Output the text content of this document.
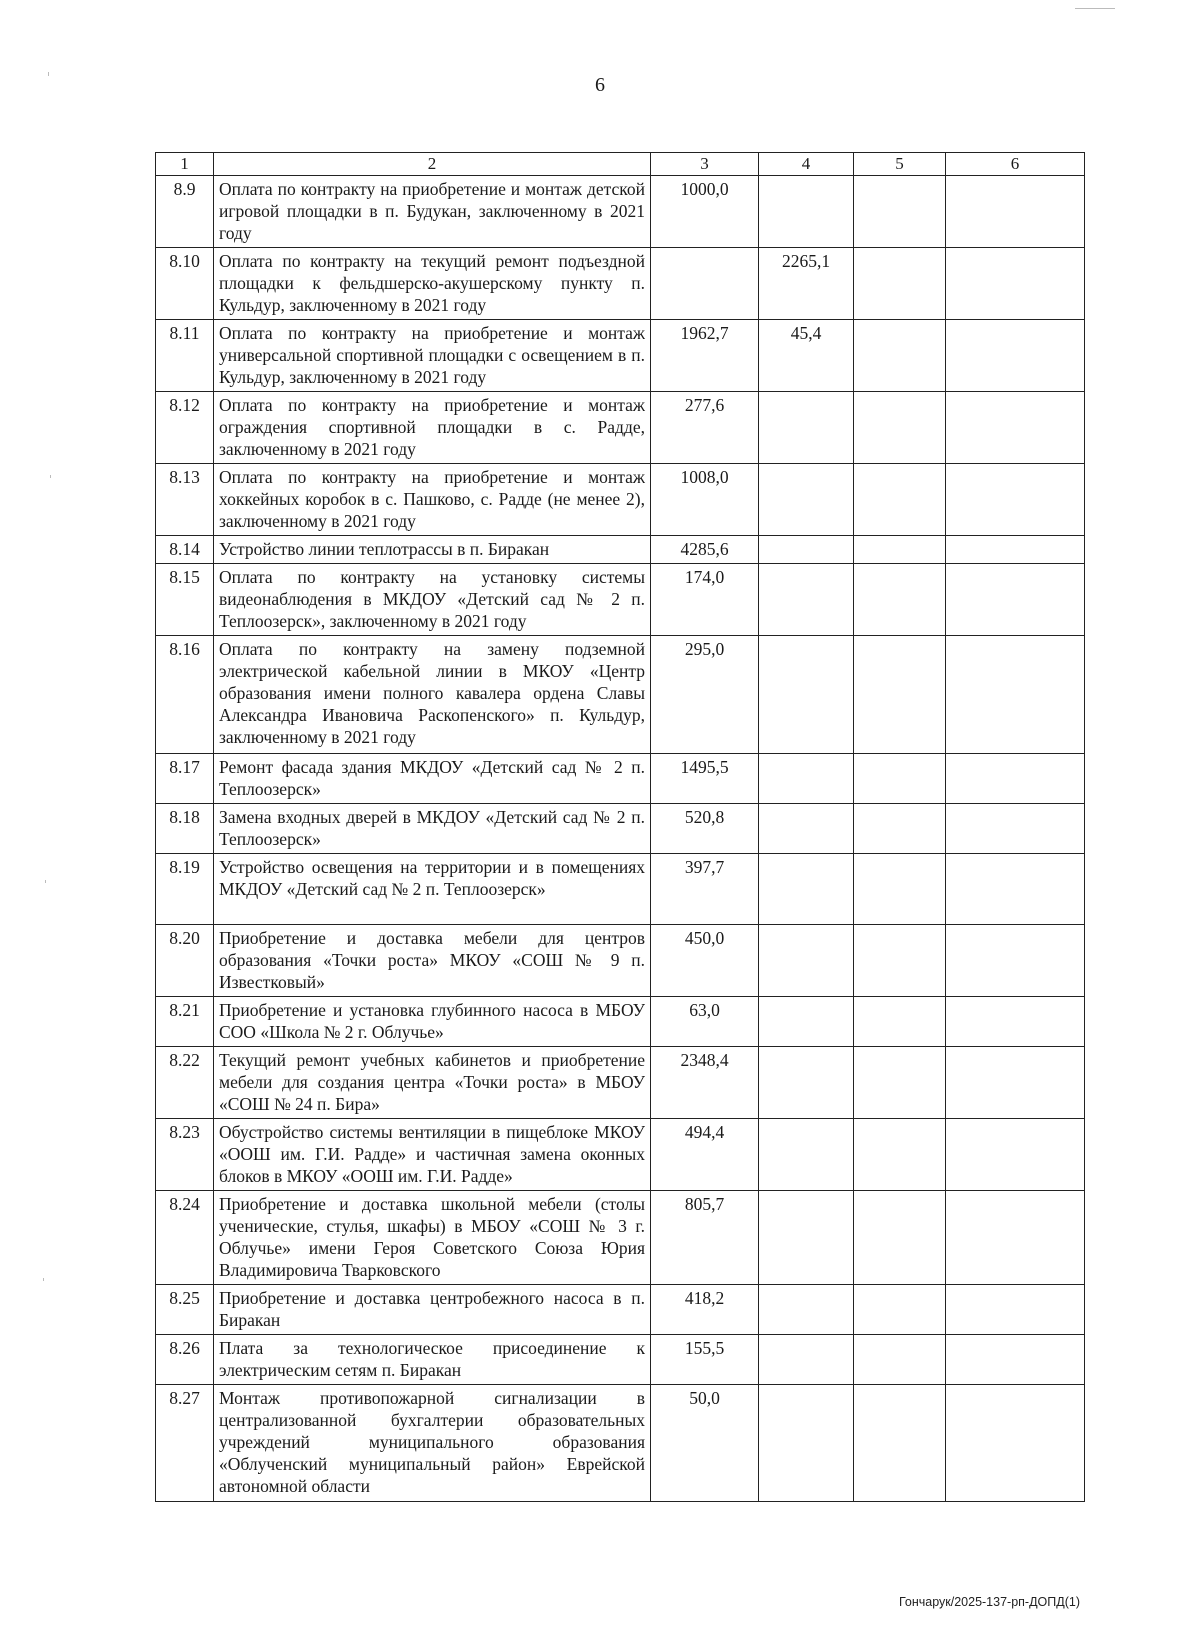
6
1	2	3	4	5	6
8.9	Оплата по контракту на приобретение и монтаж детской игровой площадки в п. Будукан, заключенному в 2021 году	1000,0			
8.10	Оплата по контракту на текущий ремонт подъездной площадки к фельдшерско-акушерскому пункту п. Кульдур, заключенному в 2021 году		2265,1		
8.11	Оплата по контракту на приобретение и монтаж универсальной спортивной площадки с освещением в п. Кульдур, заключенному в 2021 году	1962,7	45,4		
8.12	Оплата по контракту на приобретение и монтаж ограждения спортивной площадки в с. Радде, заключенному в 2021 году	277,6			
8.13	Оплата по контракту на приобретение и монтаж хоккейных коробок в с. Пашково, с. Радде (не менее 2), заключенному в 2021 году	1008,0			
8.14	Устройство линии теплотрассы в п. Биракан	4285,6			
8.15	Оплата по контракту на установку системы видеонаблюдения в МКДОУ «Детский сад № 2 п. Теплоозерск», заключенному в 2021 году	174,0			
8.16	Оплата по контракту на замену подземной электрической кабельной линии в МКОУ «Центр образования имени полного кавалера ордена Славы Александра Ивановича Раскопенского» п. Кульдур, заключенному в 2021 году	295,0			
8.17	Ремонт фасада здания МКДОУ «Детский сад № 2 п. Теплоозерск»	1495,5			
8.18	Замена входных дверей в МКДОУ «Детский сад № 2 п. Теплоозерск»	520,8			
8.19	Устройство освещения на территории и в помещениях МКДОУ «Детский сад № 2 п. Теплоозерск»	397,7			
8.20	Приобретение и доставка мебели для центров образования «Точки роста» МКОУ «СОШ № 9 п. Известковый»	450,0			
8.21	Приобретение и установка глубинного насоса в МБОУ СОО «Школа № 2 г. Облучье»	63,0			
8.22	Текущий ремонт учебных кабинетов и приобретение мебели для создания центра «Точки роста» в МБОУ «СОШ № 24 п. Бира»	2348,4			
8.23	Обустройство системы вентиляции в пищеблоке МКОУ «ООШ им. Г.И. Радде» и частичная замена оконных блоков в МКОУ «ООШ им. Г.И. Радде»	494,4			
8.24	Приобретение и доставка школьной мебели (столы ученические, стулья, шкафы) в МБОУ «СОШ № 3 г. Облучье» имени Героя Советского Союза Юрия Владимировича Тварковского	805,7			
8.25	Приобретение и доставка центробежного насоса в п. Биракан	418,2			
8.26	Плата за технологическое присоединение к электрическим сетям п. Биракан	155,5			
8.27	Монтаж противопожарной сигнализации в централизованной бухгалтерии образовательных учреждений муниципального образования «Облученский муниципальный район» Еврейской автономной области	50,0			
Гончарук/2025-137-рп-ДОПД(1)
